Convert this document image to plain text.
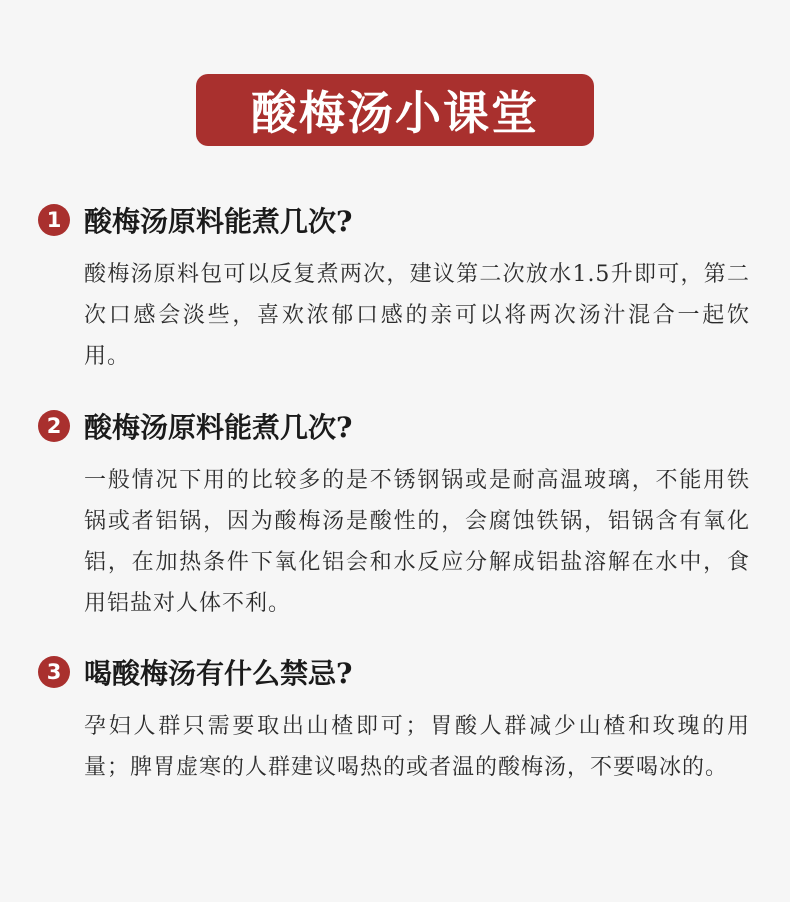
酸梅汤小课堂
1 酸梅汤原料能煮几次?
酸梅汤原料包可以反复煮两次，建议第二次放水1.5升即可，第二次口感会淡些，喜欢浓郁口感的亲可以将两次汤汁混合一起饮用。
2 酸梅汤原料能煮几次?
一般情况下用的比较多的是不锈钢锅或是耐高温玻璃，不能用铁锅或者铝锅，因为酸梅汤是酸性的，会腐蚀铁锅，铝锅含有氧化铝，在加热条件下氧化铝会和水反应分解成铝盐溶解在水中，食用铝盐对人体不利。
3 喝酸梅汤有什么禁忌?
孕妇人群只需要取出山楂即可；胃酸人群减少山楂和玫瑰的用量；脾胃虚寒的人群建议喝热的或者温的酸梅汤，不要喝冰的。
